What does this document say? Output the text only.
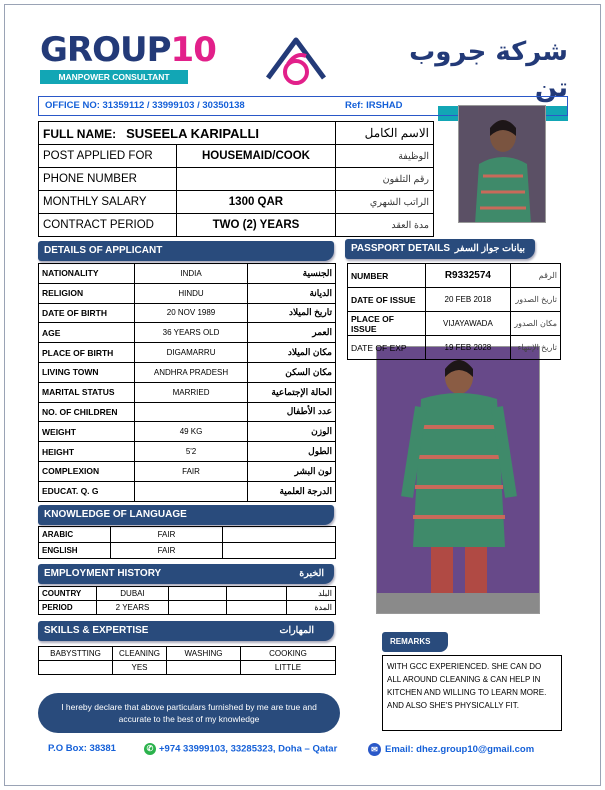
GROUP10
MANPOWER CONSULTANT
شركة جروب تن
OFFICE NO: 31359112 / 33999103 / 30350138	Ref: IRSHAD
FULL NAME: SUSEELA KARIPALLI		الاسم الكامل
POST APPLIED FOR	HOUSEMAID/COOK	الوظيفة
PHONE NUMBER		رقم التلفون
MONTHLY SALARY	1300 QAR	الراتب الشهري
CONTRACT PERIOD	TWO (2) YEARS	مدة العقد
DETAILS OF APPLICANT
NATIONALITY	INDIA	الجنسية
RELIGION	HINDU	الديانة
DATE OF BIRTH	20 NOV 1989	تاريخ الميلاد
AGE	36 YEARS OLD	العمر
PLACE OF BIRTH	DIGAMARRU	مكان الميلاد
LIVING TOWN	ANDHRA PRADESH	مكان السكن
MARITAL STATUS	MARRIED	الحالة الإجتماعية
NO. OF CHILDREN		عدد الأطفال
WEIGHT	49 KG	الوزن
HEIGHT	5'2	الطول
COMPLEXION	FAIR	لون البشر
EDUCAT. Q. G		الدرجة العلمية
PASSPORT DETAILS بيانات جواز السفر
NUMBER	R9332574	الرقم
DATE OF ISSUE	20 FEB 2018	تاريخ الصدور
PLACE OF ISSUE	VIJAYAWADA	مكان الصدور
DATE OF EXP	19 FEB 2028	تاريخ الإنتهاء
KNOWLEDGE OF LANGUAGE
ARABIC	FAIR	
ENGLISH	FAIR	
EMPLOYMENT HISTORY	الخبرة
COUNTRY	DUBAI			البلد
PERIOD	2 YEARS			المدة
SKILLS & EXPERTISE	المهارات
BABYSTTING	CLEANING	WASHING	COOKING
	YES		LITTLE
REMARKS
WITH GCC EXPERIENCED. SHE CAN DO ALL AROUND CLEANING & CAN HELP IN KITCHEN AND WILLING TO LEARN MORE. AND ALSO SHE'S PHYSICALLY FIT.
I hereby declare that above particulars furnished by me are true and accurate to the best of my knowledge
P.O Box: 38381	✆ +974 33999103, 33285323, Doha – Qatar	✉ Email: dhez.group10@gmail.com
